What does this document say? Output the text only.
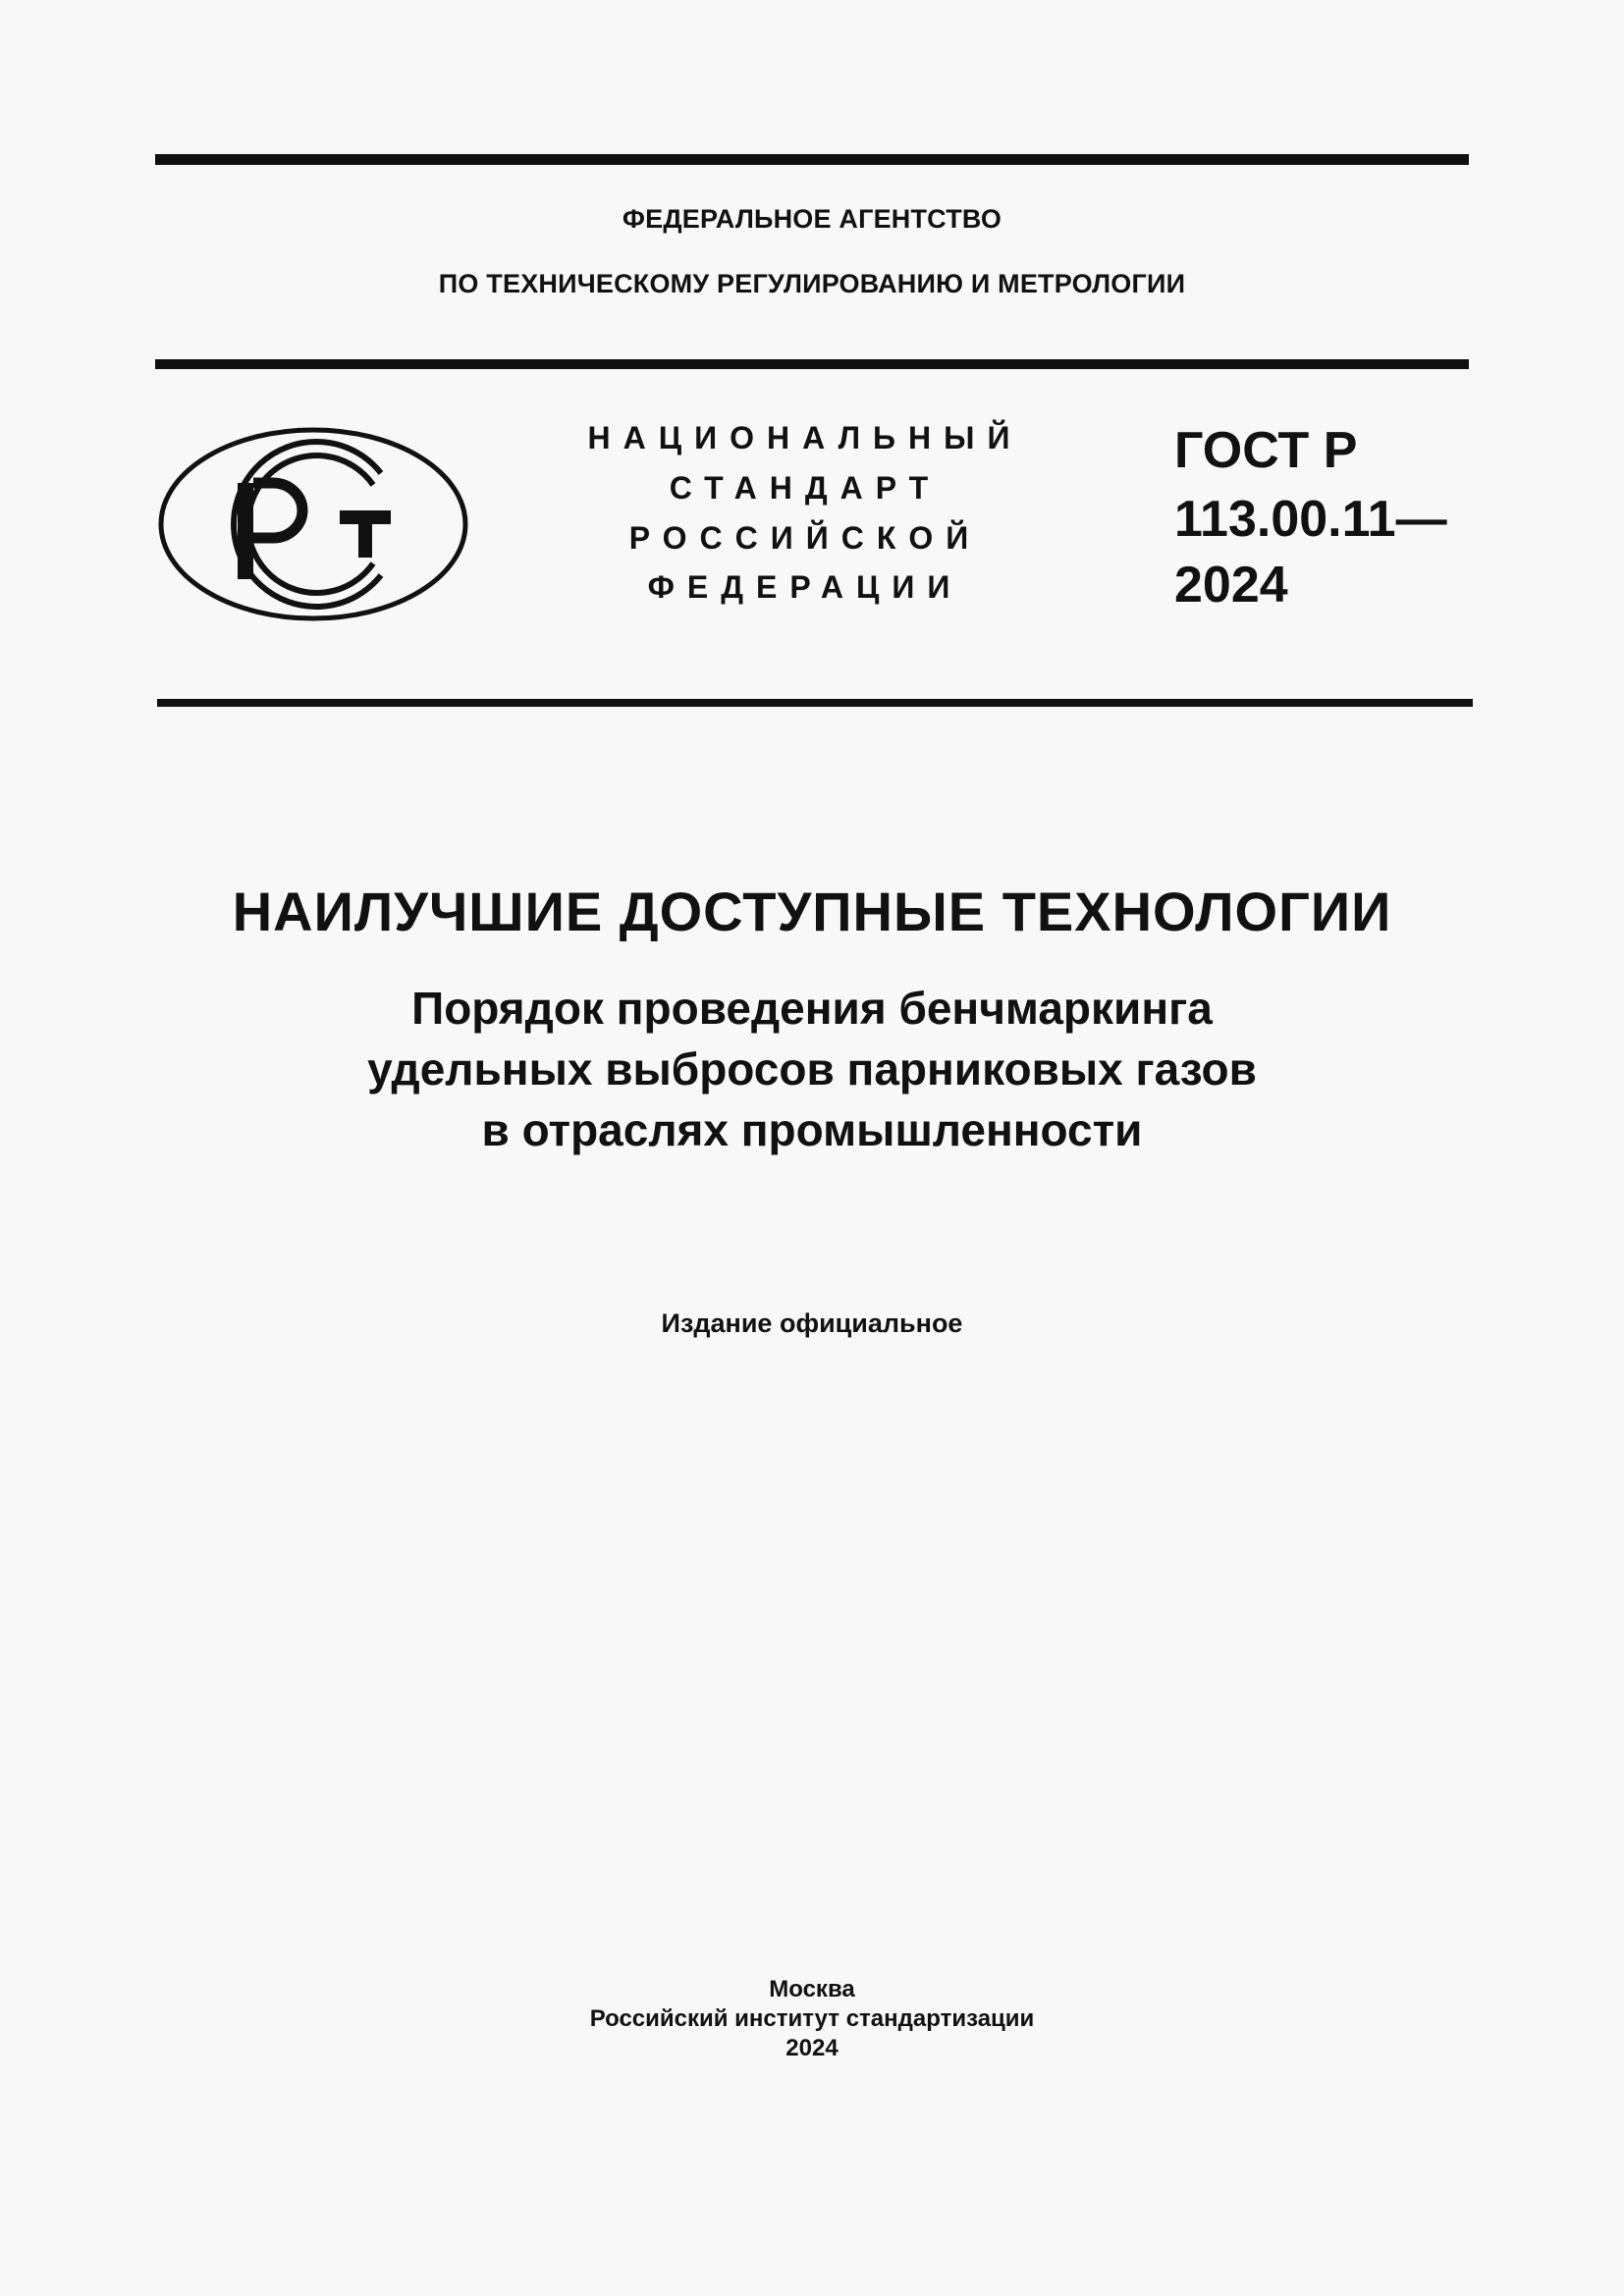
ФЕДЕРАЛЬНОЕ АГЕНТСТВО
ПО ТЕХНИЧЕСКОМУ РЕГУЛИРОВАНИЮ И МЕТРОЛОГИИ
НАЦИОНАЛЬНЫЙ
СТАНДАРТ
РОССИЙСКОЙ
ФЕДЕРАЦИИ
ГОСТ Р
113.00.11—
2024
НАИЛУЧШИЕ ДОСТУПНЫЕ ТЕХНОЛОГИИ
Порядок проведения бенчмаркинга
удельных выбросов парниковых газов
в отраслях промышленности
Издание официальное
Москва
Российский институт стандартизации
2024
